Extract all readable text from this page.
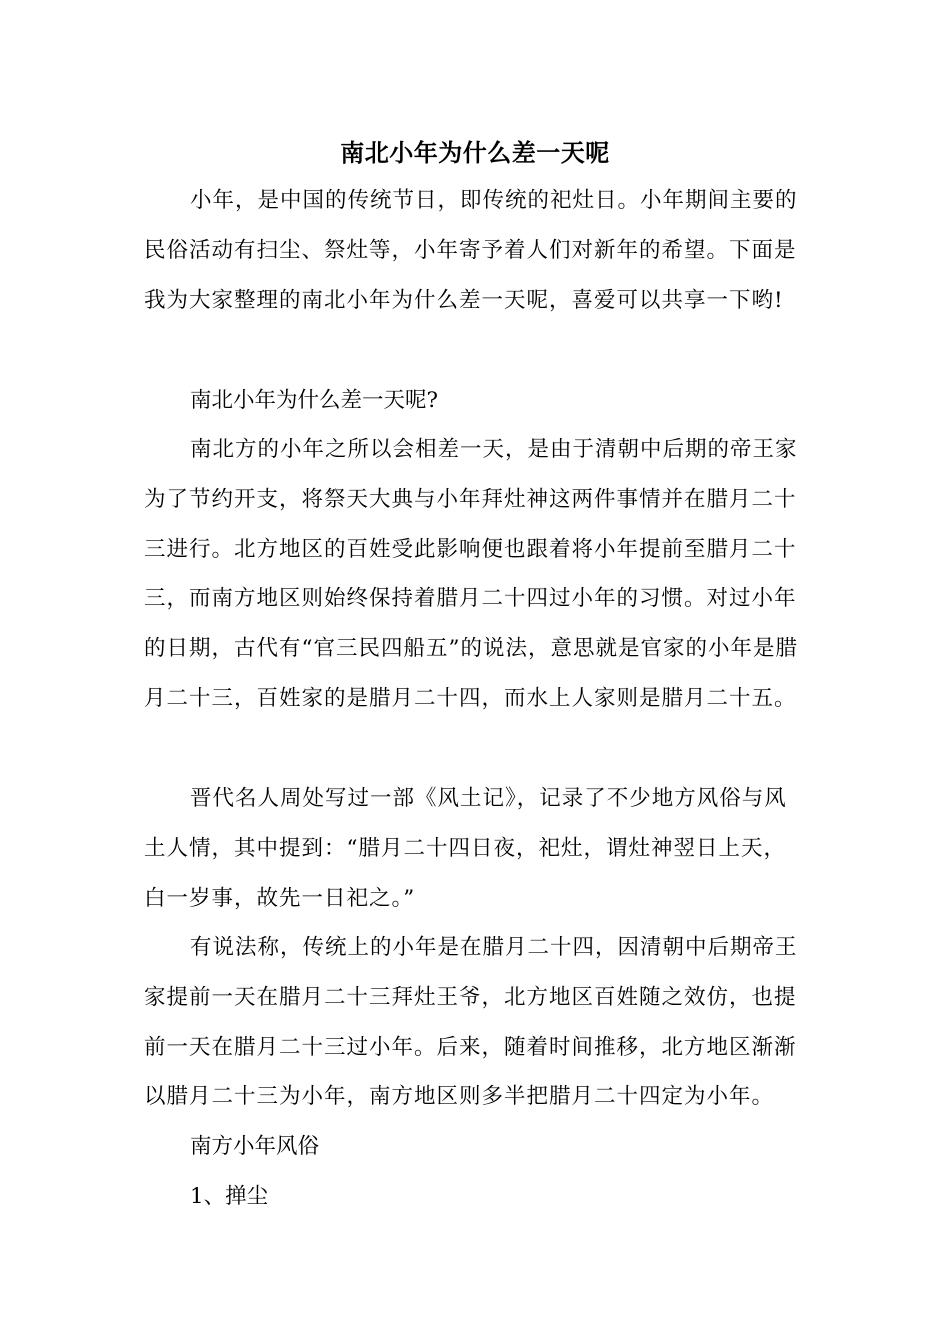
南北小年为什么差一天呢

小年，是中国的传统节日，即传统的祀灶日。小年期间主要的民俗活动有扫尘、祭灶等，小年寄予着人们对新年的希望。下面是我为大家整理的南北小年为什么差一天呢，喜爱可以共享一下哟!

南北小年为什么差一天呢?

南北方的小年之所以会相差一天，是由于清朝中后期的帝王家为了节约开支，将祭天大典与小年拜灶神这两件事情并在腊月二十三进行。北方地区的百姓受此影响便也跟着将小年提前至腊月二十三，而南方地区则始终保持着腊月二十四过小年的习惯。对过小年的日期，古代有“官三民四船五”的说法，意思就是官家的小年是腊月二十三，百姓家的是腊月二十四，而水上人家则是腊月二十五。

晋代名人周处写过一部《风土记》，记录了不少地方风俗与风土人情，其中提到：“腊月二十四日夜，祀灶，谓灶神翌日上天，白一岁事，故先一日祀之。”

有说法称，传统上的小年是在腊月二十四，因清朝中后期帝王家提前一天在腊月二十三拜灶王爷，北方地区百姓随之效仿，也提前一天在腊月二十三过小年。后来，随着时间推移，北方地区渐渐以腊月二十三为小年，南方地区则多半把腊月二十四定为小年。

南方小年风俗

1、掸尘
